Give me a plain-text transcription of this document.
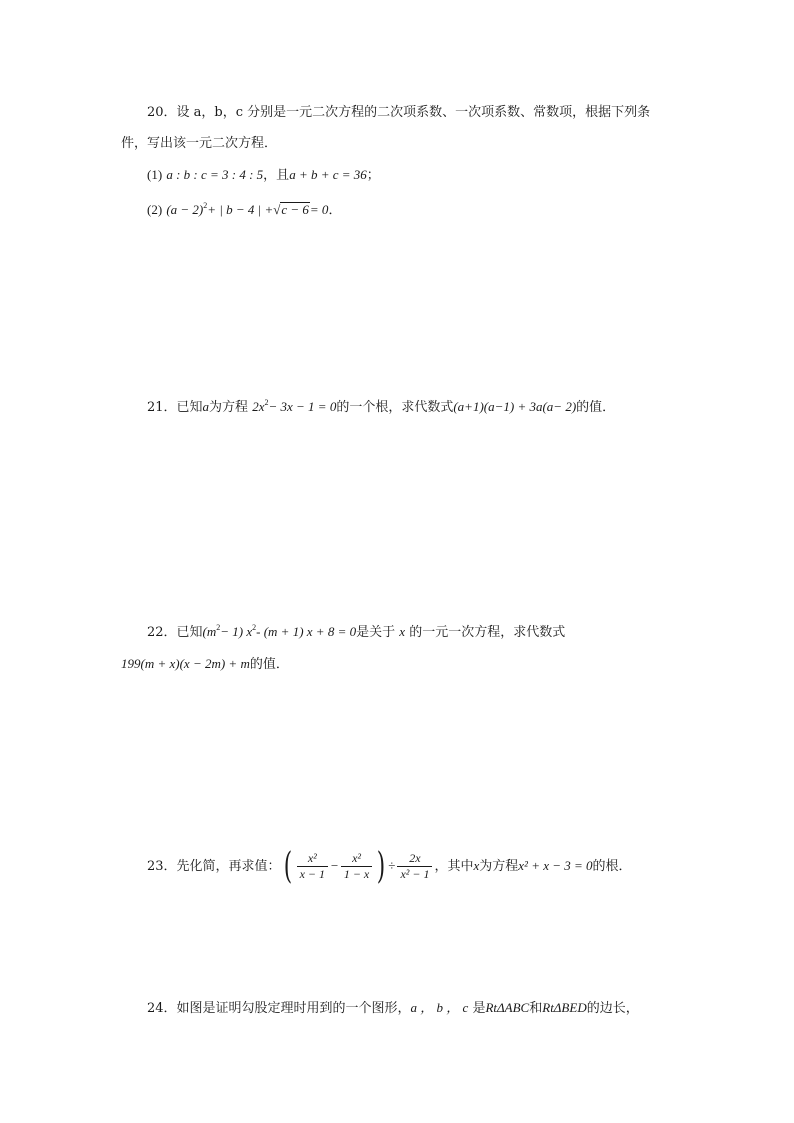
20．设 a，b，c 分别是一元二次方程的二次项系数、一次项系数、常数项，根据下列条
件，写出该一元二次方程．
(1) a : b : c = 3 : 4 : 5，且a + b + c = 36；
(2) $(a - 2)^2+$ | b − 4 | +√c − 6= 0．
21．已知a为方程 $2x^2- 3x - 1 = 0$的一个根，求代数式(a+1)(a−1) + 3a(a− 2)的值．
22．已知$(m^2- 1)$ $x^2-$ (m + 1) x + 8 = 0是关于 x 的一元一次方程，求代数式
199(m + x)(x − 2m) + m的值．
23．先化简，再求值：( $\frac{\text{x²}}{x - 1} - \frac{\text{x²}}{1 - x}$ ) ÷ $\frac{2x}{\text{x² − 1}}$ ，其中x为方程x² + x − 3 = 0的根．
24．如图是证明勾股定理时用到的一个图形，a ， b ， c 是RtΔABC和RtΔBED的边长，
